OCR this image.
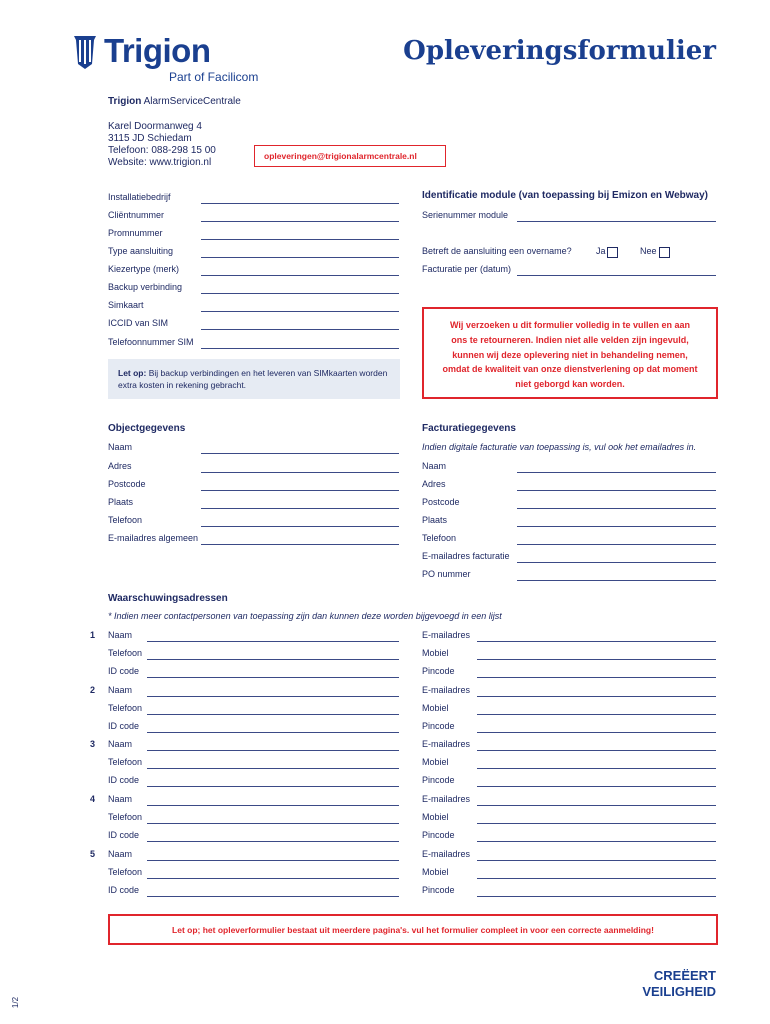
Trigion
Part of Facilicom
Opleveringsformulier
Trigion AlarmServiceCentrale
Karel Doormanweg 4
3115 JD Schiedam
Telefoon: 088-298 15 00
Website: www.trigion.nl
opleveringen@trigionalarmcentrale.nl
Installatiebedrijf
Cliëntnummer
Promnummer
Type aansluiting
Kiezertype (merk)
Backup verbinding
Simkaart
ICCID van SIM
Telefoonnummer SIM
Let op: Bij backup verbindingen en het leveren van SIMkaarten worden extra kosten in rekening gebracht.
Identificatie module (van toepassing bij Emizon en Webway)
Serienummer module
Betreft de aansluiting een overname?	Ja	Nee
Facturatie per (datum)
Wij verzoeken u dit formulier volledig in te vullen en aan ons te retourneren. Indien niet alle velden zijn ingevuld, kunnen wij deze oplevering niet in behandeling nemen, omdat de kwaliteit van onze dienstverlening op dat moment niet geborgd kan worden.
Objectgegevens
Naam
Adres
Postcode
Plaats
Telefoon
E-mailadres algemeen
Facturatiegegevens
Indien digitale facturatie van toepassing is, vul ook het emailadres in.
Naam
Adres
Postcode
Plaats
Telefoon
E-mailadres facturatie
PO nummer
Waarschuwingsadressen
* Indien meer contactpersonen van toepassing zijn dan kunnen deze worden bijgevoegd in een lijst
1 Naam	E-mailadres
Telefoon	Mobiel
ID code	Pincode
2 Naam	E-mailadres
Telefoon	Mobiel
ID code	Pincode
3 Naam	E-mailadres
Telefoon	Mobiel
ID code	Pincode
4 Naam	E-mailadres
Telefoon	Mobiel
ID code	Pincode
5 Naam	E-mailadres
Telefoon	Mobiel
ID code	Pincode
Let op; het opleverformulier bestaat uit meerdere pagina's. vul het formulier compleet in voor een correcte aanmelding!
CREËERT
VEILIGHEID
1/2
